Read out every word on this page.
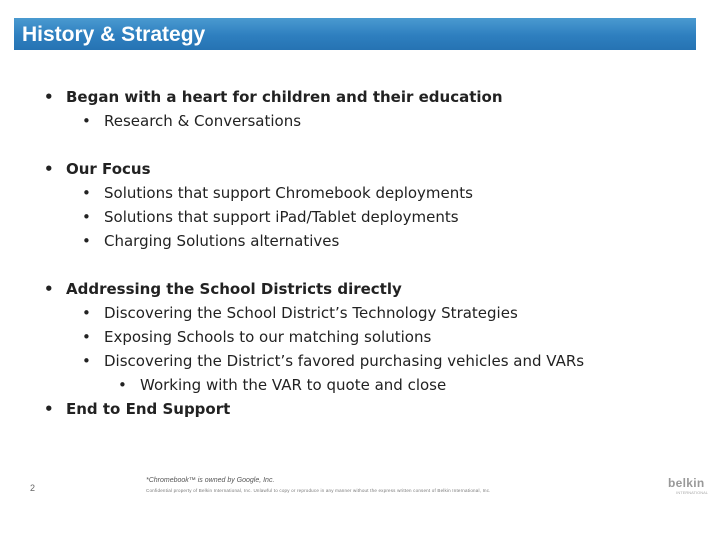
History & Strategy
• Began with a heart for children and their education
• Research & Conversations
• Our Focus
• Solutions that support Chromebook deployments
• Solutions that support iPad/Tablet deployments
• Charging Solutions alternatives
• Addressing the School Districts directly
• Discovering the School District’s Technology Strategies
• Exposing Schools to our matching solutions
• Discovering the District’s favored purchasing vehicles and VARs
• Working with the VAR to quote and close
• End to End Support
2
*Chromebook™ is owned by Google, Inc.
Confidential property of Belkin International, Inc. Unlawful to copy or reproduce in any manner without the express written consent of Belkin International, Inc.
belkin
INTERNATIONAL
